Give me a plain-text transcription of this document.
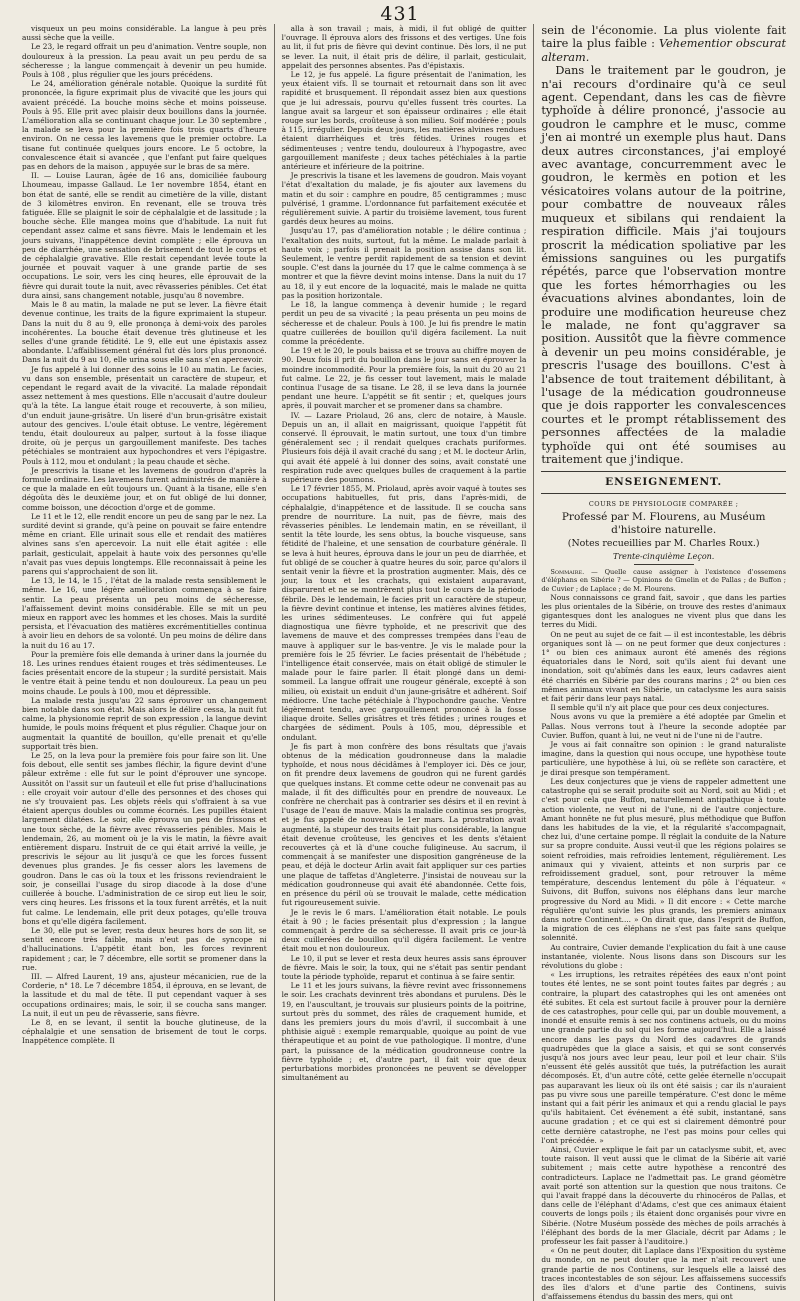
431

visqueux un peu moins considérable. La langue à peu près aussi sèche que la veille.

Le 23, le regard offrait un peu d'animation. Ventre souple, non douloureux à la pression. La peau avait un peu perdu de sa sécheresse ; la langue commençait à devenir un peu humide. Pouls à 108 , plus régulier que les jours précédens.

Le 24, amélioration générale notable. Quoique la surdité fût prononcée, la figure exprimait plus de vivacité que les jours qui avaient précédé. La bouche moins sèche et moins poisseuse. Pouls à 95. Elle prit avec plaisir deux bouillons dans la journée. L'amélioration alla se continuant chaque jour. Le 30 septembre , la malade se leva pour la première fois trois quarts d'heure environ. On ne cessa les lavemens que le premier octobre. La tisane fut continuée quelques jours encore. Le 5 octobre, la convalescence était si avancée , que l'enfant put faire quelques pas en dehors de la maison , appuyée sur le bras de sa mère.

II. — Louise Lauran, âgée de 16 ans, domiciliée faubourg Lhoumeau, impasse Gallaud. Le 1er novembre 1854, étant en bon état de santé, elle se rendit au cimetière de la ville, distant de 3 kilomètres environ. En revenant, elle se trouva très fatiguée. Elle se plaignit le soir de céphalalgie et de lassitude ; la bouche sèche. Elle mangea moins que d'habitude. La nuit fut cependant assez calme et sans fièvre. Mais le lendemain et les jours suivans, l'inappétence devint complète ; elle éprouva un peu de diarrhée, une sensation de brisement de tout le corps et de céphalalgie gravative. Elle restait cependant levée toute la journée et pouvait vaquer à une grande partie de ses occupations. Le soir, vers les cinq heures, elle éprouvait de la fièvre qui durait toute la nuit, avec rêvasseries pénibles. Cet état dura ainsi, sans changement notable, jusqu'au 8 novembre.

Mais le 8 au matin, la malade ne put se lever. La fièvre était devenue continue, les traits de la figure exprimaient la stupeur. Dans la nuit du 8 au 9, elle prononça à demi-voix des paroles incohérentes. La bouche était devenue très glutineuse et les selles d'une grande fétidité. Le 9, elle eut une épistaxis assez abondante. L'affaiblissement général fut dès lors plus prononcé. Dans la nuit du 9 au 10, elle urina sous elle sans s'en apercevoir.

Je fus appelé à lui donner des soins le 10 au matin. Le facies, vu dans son ensemble, présentait un caractère de stupeur, et cependant le regard avait de la vivacité. La malade répondait assez nettement à mes questions. Elle n'accusait d'autre douleur qu'à la tête. La langue était rouge et recouverte, à son milieu, d'un enduit jaune-grisâtre. Un liseré d'un brun-grisâtre existait autour des gencives. L'oule était obtuse. Le ventre, légèrement tendu, était douloureux au palper, surtout à la fosse iliaque droite, où je perçus un gargouillement manifeste. Des taches pétéchiales se montraient aux hypochondres et vers l'épigastre. Pouls à 112, mou et ondulant ; la peau chaude et sèche.

Je prescrivis la tisane et les lavemens de goudron d'après la formule ordinaire. Les lavemens furent administrés de manière à ce que la malade en eût toujours un. Quant à la tisane, elle s'en dégoûta dès le deuxième jour, et on fut obligé de lui donner, comme boisson, une décoction d'orge et de gomme.

Le 11 et le 12, elle rendit encore un peu de sang par le nez. La surdité devint si grande, qu'à peine on pouvait se faire entendre même en criant. Elle urinait sous elle et rendait des matières alvines sans s'en apercevoir. La nuit elle était agitée : elle parlait, gesticulait, appelait à haute voix des personnes qu'elle n'avait pas vues depuis longtemps. Elle reconnaissait à peine les parens qui s'approchaient de son lit.

Le 13, le 14, le 15 , l'état de la malade resta sensiblement le même. Le 16, une légère amélioration commença à se faire sentir. La peau présenta un peu moins de sécheresse, l'affaissement devint moins considérable. Elle se mit un peu mieux en rapport avec les hommes et les choses. Mais la surdité persista, et l'évacuation des matières excrémentitielles continua à avoir lieu en dehors de sa volonté. Un peu moins de délire dans la nuit du 16 au 17.

Pour la première fois elle demanda à uriner dans la journée du 18. Les urines rendues étaient rouges et très sédimenteuses. Le facies présentait encore de la stupeur ; la surdité persistait. Mais le ventre était à peine tendu et non douloureux. La peau un peu moins chaude. Le pouls à 100, mou et dépressible.

La malade resta jusqu'au 22 sans éprouver un changement bien notable dans son état. Mais alors le délire cessa, la nuit fut calme, la physionomie reprit de son expression , la langue devint humide, le pouls moins fréquent et plus régulier. Chaque jour on augmentait la quantité de bouillon, qu'elle prenait et qu'elle supportait très bien.

Le 25, on la leva pour la première fois pour faire son lit. Une fois debout, elle sentit ses jambes fléchir, la figure devint d'une pâleur extrême : elle fut sur le point d'éprouver une syncope. Aussitôt on l'assit sur un fauteuil et elle fut prise d'hallucinations : elle croyait voir autour d'elle des personnes et des choses qui ne s'y trouvaient pas. Les objets réels qui s'offraient à sa vue étaient aperçus doubles ou comme écornés. Les pupilles étaient largement dilatées. Le soir, elle éprouva un peu de frissons et une toux sèche, de la fièvre avec rêvasseries pénibles. Mais le lendemain, 26, au moment où je la vis le matin, la fièvre avait entièrement disparu. Instruit de ce qui était arrivé la veille, je prescrivis le séjour au lit jusqu'à ce que les forces fussent devenues plus grandes. Je fis cesser alors les lavemens de goudron. Dans le cas où la toux et les frissons reviendraient le soir, je conseillai l'usage du sirop diacode à la dose d'une cuillerée à bouche. L'administration de ce sirop eut lieu le soir, vers cinq heures. Les frissons et la toux furent arrêtés, et la nuit fut calme. Le lendemain, elle prit deux potages, qu'elle trouva bons et qu'elle digéra facilement.

Le 30, elle put se lever, resta deux heures hors de son lit, se sentit encore très faible, mais n'eut pas de syncope ni d'hallucinations. L'appétit étant bon, les forces revinrent rapidement ; car, le 7 décembre, elle sortit se promener dans la rue.

III. — Alfred Laurent, 19 ans, ajusteur mécanicien, rue de la Corderie, n° 18. Le 7 décembre 1854, il éprouva, en se levant, de la lassitude et du mal de tête. Il put cependant vaquer à ses occupations ordinaires; mais, le soir, il se coucha sans manger. La nuit, il eut un peu de rêvasserie, sans fièvre.

Le 8, en se levant, il sentit la bouche glutineuse, de la céphalalgie et une sensation de brisement de tout le corps. Inappétence complète. Il

alla à son travail ; mais, à midi, il fut obligé de quitter l'ouvrage. Il éprouva alors des frissons et des vertiges. Une fois au lit, il fut pris de fièvre qui devint continue. Dès lors, il ne put se lever. La nuit, il était pris de délire, il parlait, gesticulait, appelait des personnes absentes. Pas d'épistaxis.

Le 12, je fus appelé. La figure présentait de l'animation, les yeux étaient vifs. Il se tournait et retournait dans son lit avec rapidité et brusquement. Il répondait assez bien aux questions que je lui adressais, pourvu qu'elles fussent très courtes. La langue avait sa largeur et son épaisseur ordinaires ; elle était rouge sur les bords, croûteuse à son milieu. Soif modérée ; pouls à 115, irrégulier. Depuis deux jours, les matières alvines rendues étaient diarrhéiques et très fétides. Urines rouges et sédimenteuses ; ventre tendu, douloureux à l'hypogastre, avec gargouillement manifeste ; deux taches pétéchiales à la partie antérieure et inférieure de la poitrine.

Je prescrivis la tisane et les lavemens de goudron. Mais voyant l'état d'exaltation du malade, je fis ajouter aux lavemens du matin et du soir : camphre en poudre, 85 centigrammes ; musc pulvérisé, 1 gramme. L'ordonnance fut parfaitement exécutée et régulièrement suivie. A partir du troisième lavement, tous furent gardés deux heures au moins.

Jusqu'au 17, pas d'amélioration notable ; le délire continua ; l'exaltation des nuits, surtout, fut la même. Le malade parlait à haute voix ; parfois il prenait la position assise dans son lit. Seulement, le ventre perdit rapidement de sa tension et devint souple. C'est dans la journée du 17 que le calme commença à se montrer et que la fièvre devint moins intense. Dans la nuit du 17 au 18, il y eut encore de la loquacité, mais le malade ne quitta pas la position horizontale.

Le 18, la langue commença à devenir humide ; le regard perdit un peu de sa vivacité ; la peau présenta un peu moins de sécheresse et de chaleur. Pouls à 100. Je lui fis prendre le matin quatre cuillerées de bouillon qu'il digéra facilement. La nuit comme la précédente.

Le 19 et le 20, le pouls baissa et se trouva au chiffre moyen de 90. Deux fois il prit du bouillon dans le jour sans en éprouver la moindre incommodité. Pour la première fois, la nuit du 20 au 21 fut calme. Le 22, je fis cesser tout lavement, mais le malade continua l'usage de sa tisane. Le 28, il se leva dans la journée pendant une heure. L'appétit se fit sentir ; et, quelques jours après, il pouvait marcher et se promener dans sa chambre.

IV. — Lazare Priolaud, 26 ans, clerc de notaire, à Mausle. Depuis un an, il allait en maigrissant, quoique l'appétit fût conservé. Il éprouvait, le matin surtout, une toux d'un timbre généralement sec ; il rendait quelques crachats puriformes. Plusieurs fois déjà il avait craché du sang ; et M. le docteur Arlin, qui avait été appelé à lui donner des soins, avait constaté une respiration rude avec quelques bulles de craquement à la partie supérieure des poumons.

Le 17 février 1855, M. Priolaud, après avoir vaqué à toutes ses occupations habituelles, fut pris, dans l'après-midi, de céphalalgie, d'inappétence et de lassitude. Il se coucha sans prendre de nourriture. La nuit, pas de fièvre, mais des rêvasseries pénibles. Le lendemain matin, en se réveillant, il sentit la tête lourde, les sens obtus, la bouche visqueuse, sans fétidité de l'haleine, et une sensation de courbature générale. Il se leva à huit heures, éprouva dans le jour un peu de diarrhée, et fut obligé de se coucher à quatre heures du soir, parce qu'alors il sentait venir la fièvre et la prostration augmenter. Mais, dès ce jour, la toux et les crachats, qui existaient auparavant, disparurent et ne se montrèrent plus tout le cours de la période fébrile. Dès le lendemain, le facies prit un caractère de stupeur, la fièvre devint continue et intense, les matières alvines fétides, les urines sédimenteuses. Le confrère qui fut appelé diagnostiqua une fièvre typhoïde, et ne prescrivit que des lavemens de mauve et des compresses trempées dans l'eau de mauve à appliquer sur le bas-ventre. Je vis le malade pour la première fois le 25 février. Le facies présentait de l'hébétude ; l'intelligence était conservée, mais on était obligé de stimuler le malade pour le faire parler. Il était plongé dans un demi-sommeil. La langue offrait une rougeur générale, excepté à son milieu, où existait un enduit d'un jaune-grisâtre et adhérent. Soif médiocre. Une tache pétéchiale à l'hypochondre gauche. Ventre légèrement tendu, avec gargouillement prononcé à la fosse iliaque droite. Selles grisâtres et très fétides ; urines rouges et chargées de sédiment. Pouls à 105, mou, dépressible et ondulant.

Je fis part à mon confrère des bons résultats que j'avais obtenus de la médication goudronneuse dans la maladie typhoïde, et nous nous décidâmes à l'employer ici. Dès ce jour, on fit prendre deux lavemens de goudron qui ne furent gardés que quelques instans. Et comme cette odeur ne convenait pas au malade, il fit des difficultés pour en prendre de nouveaux. Le confrère ne cherchait pas à contrarier ses désirs et il en revint à l'usage de l'eau de mauve. Mais la maladie continua ses progrès, et je fus appelé de nouveau le 1er mars. La prostration avait augmenté, la stupeur des traits était plus considérable, la langue était devenue croûteuse, les gencives et les dents s'étaient recouvertes çà et là d'une couche fuligineuse. Au sacrum, il commençait à se manifester une disposition gangréneuse de la peau, et déjà le docteur Arlin avait fait appliquer sur ces parties une plaque de taffetas d'Angleterre. J'insistai de nouveau sur la médication goudronneuse qui avait été abandonnée. Cette fois, en présence du péril où se trouvait le malade, cette médication fut rigoureusement suivie.

Je le revis le 6 mars. L'amélioration était notable. Le pouls était à 90 ; le facies présentait plus d'expression ; la langue commençait à perdre de sa sécheresse. Il avait pris ce jour-là deux cuillerées de bouillon qu'il digéra facilement. Le ventre était mou et non douloureux.

Le 10, il put se lever et resta deux heures assis sans éprouver de fièvre. Mais le soir, la toux, qui ne s'était pas sentir pendant toute la période typhoïde, reparut et continua à se faire sentir.

Le 11 et les jours suivans, la fièvre revint avec frissonnemens le soir. Les crachats devinrent très abondans et purulens. Dès le 19, en l'auscultant, je trouvais sur plusieurs points de la poitrine, surtout près du sommet, des râles de craquement humide, et dans les premiers jours du mois d'avril, il succombait à une phthisie aiguë : exemple remarquable, quoique au point de vue thérapeutique et au point de vue pathologique. Il montre, d'une part, la puissance de la médication goudronneuse contre la fièvre typhoïde ; et, d'autre part, il fait voir que deux perturbations morbides prononcées ne peuvent se développer simultanément au

sein de l'économie. La plus violente fait taire la plus faible : Vehementior obscurat alteram.

Dans le traitement par le goudron, je n'ai recours d'ordinaire qu'à ce seul agent. Cependant, dans les cas de fièvre typhoïde à délire prononcé, j'associe au goudron le camphre et le musc, comme j'en ai montré un exemple plus haut. Dans deux autres circonstances, j'ai employé avec avantage, concurremment avec le goudron, le kermès en potion et les vésicatoires volans autour de la poitrine, pour combattre de nouveaux râles muqueux et sibilans qui rendaient la respiration difficile. Mais j'ai toujours proscrit la médication spoliative par les émissions sanguines ou les purgatifs répétés, parce que l'observation montre que les fortes hémorrhagies ou les évacuations alvines abondantes, loin de produire une modification heureuse chez le malade, ne font qu'aggraver sa position. Aussitôt que la fièvre commence à devenir un peu moins considérable, je prescris l'usage des bouillons. C'est à l'absence de tout traitement débilitant, à l'usage de la médication goudronneuse que je dois rapporter les convalescences courtes et le prompt rétablissement des personnes affectées de la maladie typhoïde qui ont été soumises au traitement que j'indique.

ENSEIGNEMENT.
COURS DE PHYSIOLOGIE COMPARÉE ;
Professé par M. Flourens, au Muséum d'histoire naturelle.
(Notes recueillies par M. Charles Roux.)
Trente-cinquième Leçon.

Sommaire. — Quelle cause assigner à l'existence d'ossemens d'éléphans en Sibérie ? — Opinions de Gmelin et de Pallas ; de Buffon ; de Cuvier ; de Laplace ; de M. Flourens.

Nous connaissons ce grand fait, savoir , que dans les parties les plus orientales de la Sibérie, on trouve des restes d'animaux gigantesques dont les analogues ne vivent plus que dans les terres du Midi.

On ne peut au sujet de ce fait — il est incontestable, les débris organiques sont là — on ne peut former que deux conjectures : 1° ou bien ces animaux auront été amenés des régions équatoriales dans le Nord, soit qu'ils aient fui devant une inondation, soit qu'abîmés dans les eaux, leurs cadavres aient été charriés en Sibérie par des courans marins ; 2° ou bien ces mêmes animaux vivant en Sibérie, un cataclysme les aura saisis et fait périr dans leur pays natal.

Il semble qu'il n'y ait place que pour ces deux conjectures.

Nous avons vu que la première a été adoptée par Gmelin et Pallas. Nous verrons tout à l'heure la seconde adoptée par Cuvier. Buffon, quant à lui, ne veut ni de l'une ni de l'autre.

Je vous ai fait connaître son opinion : le grand naturaliste imagine, dans la question qui nous occupe, une hypothèse toute particulière, une hypothèse à lui, où se reflète son caractère, et je dirai presque son tempérament.

Les deux conjectures que je viens de rappeler admettent une catastrophe qui se serait produite soit au Nord, soit au Midi ; et c'est pour cela que Buffon, naturellement antipathique à toute action violente, ne veut ni de l'une, ni de l'autre conjecture. Amant honnête ne fut plus mesuré, plus méthodique que Buffon dans les habitudes de la vie, et la régularité s'accompagnait, chez lui, d'une certaine pompe. Il réglait la conduite de la Nature sur sa propre conduite. Aussi veut-il que les régions polaires se soient refroidies, mais refroidies lentement, régulièrement. Les animaux qui y vivaient, atteints et non surpris par ce refroidissement graduel, sont, pour retrouver la même température, descendus lentement du pôle à l'équateur. « Suivons, dit Buffon, suivons nos éléphans dans leur marche progressive du Nord au Midi. » Il dit encore : « Cette marche régulière qu'ont suivie les plus grands, les premiers animaux dans notre Continent.... » On dirait que, dans l'esprit de Buffon, la migration de ces éléphans ne s'est pas faite sans quelque solennité.

Au contraire, Cuvier demande l'explication du fait à une cause instantanée, violente. Nous lisons dans son Discours sur les révolutions du globe :

« Les irruptions, les retraites répétées des eaux n'ont point toutes été lentes, ne se sont point toutes faites par degrés ; au contraire, la plupart des catastrophes qui les ont amenées ont été subites. Et cela est surtout facile à prouver pour la dernière de ces catastrophes, pour celle qui, par un double mouvement, a inondé et ensuite remis à sec nos continens actuels, ou du moins une grande partie du sol qui les forme aujourd'hui. Elle a laissé encore dans les pays du Nord des cadavres de grands quadrupèdes que la glace a saisis, et qui se sont conservés jusqu'à nos jours avec leur peau, leur poil et leur chair. S'ils n'eussent été gelés aussitôt que tués, la putréfaction les aurait décomposés. Et, d'un autre côté, cette gelée éternelle n'occupait pas auparavant les lieux où ils ont été saisis ; car ils n'auraient pas pu vivre sous une pareille température. C'est donc le même instant qui a fait périr les animaux et qui a rendu glacial le pays qu'ils habitaient. Cet événement a été subit, instantané, sans aucune gradation ; et ce qui est si clairement démontré pour cette dernière catastrophe, ne l'est pas moins pour celles qui l'ont précédée. »

Ainsi, Cuvier explique le fait par un cataclysme subit, et, avec toute raison. Il veut aussi que le climat de la Sibérie ait varié subitement ; mais cette autre hypothèse a rencontré des contradicteurs. Laplace ne l'admettait pas. Le grand géomètre avait porté son attention sur la question que nous traitons. Ce qui l'avait frappé dans la découverte du rhinocéros de Pallas, et dans celle de l'éléphant d'Adams, c'est que ces animaux étaient couverts de longs poils ; ils étaient donc organisés pour vivre en Sibérie. (Notre Muséum possède des mèches de poils arrachés à l'éléphant des bords de la mer Glaciale, décrit par Adams ; le professeur les fait passer à l'auditoire.)

« On ne peut douter, dit Laplace dans l'Exposition du système du monde, on ne peut douter que la mer n'ait recouvert une grande partie de nos Continens, sur lesquels elle a laissé des traces incontestables de son séjour. Les affaissemens successifs des îles d'alors et d'une partie des Continens, suivis d'affaissemens étendus du bassin des mers, qui ont
